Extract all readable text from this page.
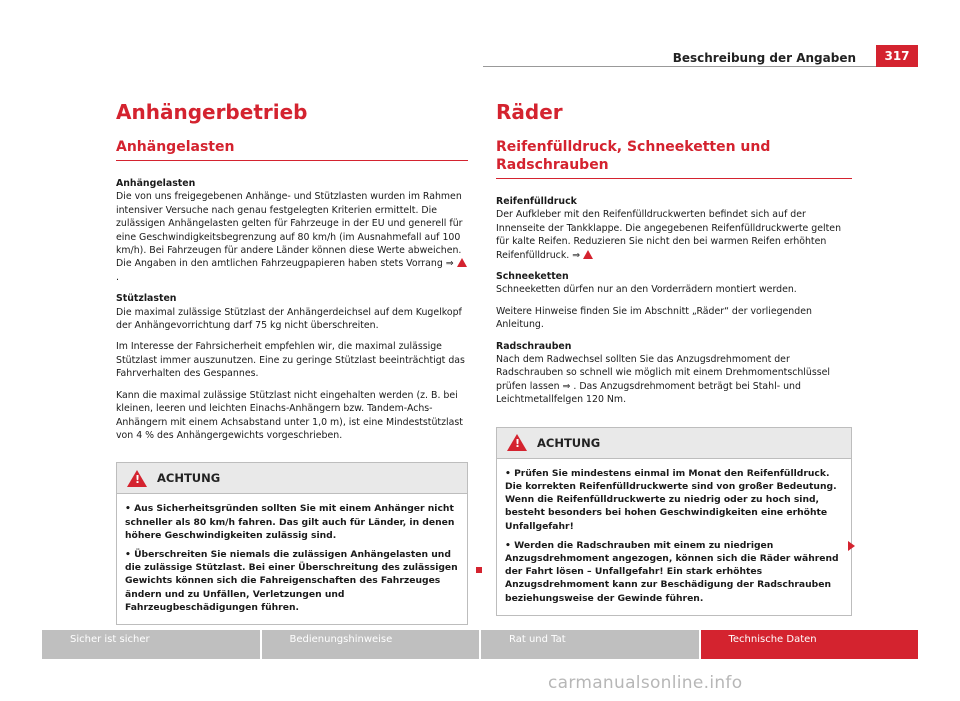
Beschreibung der Angaben	317
Anhängerbetrieb
Anhängelasten
Anhängelasten

Die von uns freigegebenen Anhänge- und Stützlasten wurden im Rahmen intensiver Versuche nach genau festgelegten Kriterien ermittelt. Die zulässigen Anhängelasten gelten für Fahrzeuge in der EU und generell für eine Geschwindigkeitsbegrenzung auf 80 km/h (im Ausnahmefall auf 100 km/h). Bei Fahrzeugen für andere Länder können diese Werte abweichen. Die Angaben in den amtlichen Fahrzeugpapieren haben stets Vorrang ⇒ .

Stützlasten

Die maximal zulässige Stützlast der Anhängerdeichsel auf dem Kugelkopf der Anhängevorrichtung darf 75 kg nicht überschreiten.

Im Interesse der Fahrsicherheit empfehlen wir, die maximal zulässige Stützlast immer auszunutzen. Eine zu geringe Stützlast beeinträchtigt das Fahrverhalten des Gespannes.

Kann die maximal zulässige Stützlast nicht eingehalten werden (z. B. bei kleinen, leeren und leichten Einachs-Anhängern bzw. Tandem-Achs-Anhängern mit einem Achsabstand unter 1,0 m), ist eine Mindeststützlast von 4 % des Anhängergewichts vorgeschrieben.

! ACHTUNG

• Aus Sicherheitsgründen sollten Sie mit einem Anhänger nicht schneller als 80 km/h fahren. Das gilt auch für Länder, in denen höhere Geschwindigkeiten zulässig sind.

• Überschreiten Sie niemals die zulässigen Anhängelasten und die zulässige Stützlast. Bei einer Überschreitung des zulässigen Gewichts können sich die Fahreigenschaften des Fahrzeuges ändern und zu Unfällen, Verletzungen und Fahrzeugbeschädigungen führen.

Räder
Reifenfülldruck, Schneeketten und Radschrauben
Reifenfülldruck

Der Aufkleber mit den Reifenfülldruckwerten befindet sich auf der Innenseite der Tankklappe. Die angegebenen Reifenfülldruckwerte gelten für kalte Reifen. Reduzieren Sie nicht den bei warmen Reifen erhöhten Reifenfülldruck. ⇒

Schneeketten

Schneeketten dürfen nur an den Vorderrädern montiert werden.

Weitere Hinweise finden Sie im Abschnitt „Räder“ der vorliegenden Anleitung.

Radschrauben

Nach dem Radwechsel sollten Sie das Anzugsdrehmoment der Radschrauben so schnell wie möglich mit einem Drehmomentschlüssel prüfen lassen ⇒ . Das Anzugsdrehmoment beträgt bei Stahl- und Leichtmetallfelgen 120 Nm.

! ACHTUNG

• Prüfen Sie mindestens einmal im Monat den Reifenfülldruck. Die korrekten Reifenfülldruckwerte sind von großer Bedeutung. Wenn die Reifenfülldruckwerte zu niedrig oder zu hoch sind, besteht besonders bei hohen Geschwindigkeiten eine erhöhte Unfallgefahr!

• Werden die Radschrauben mit einem zu niedrigen Anzugsdrehmoment angezogen, können sich die Räder während der Fahrt lösen – Unfallgefahr! Ein stark erhöhtes Anzugsdrehmoment kann zur Beschädigung der Radschrauben beziehungsweise der Gewinde führen.

Sicher ist sicher	Bedienungshinweise	Rat und Tat	Technische Daten
carmanualsonline.info
